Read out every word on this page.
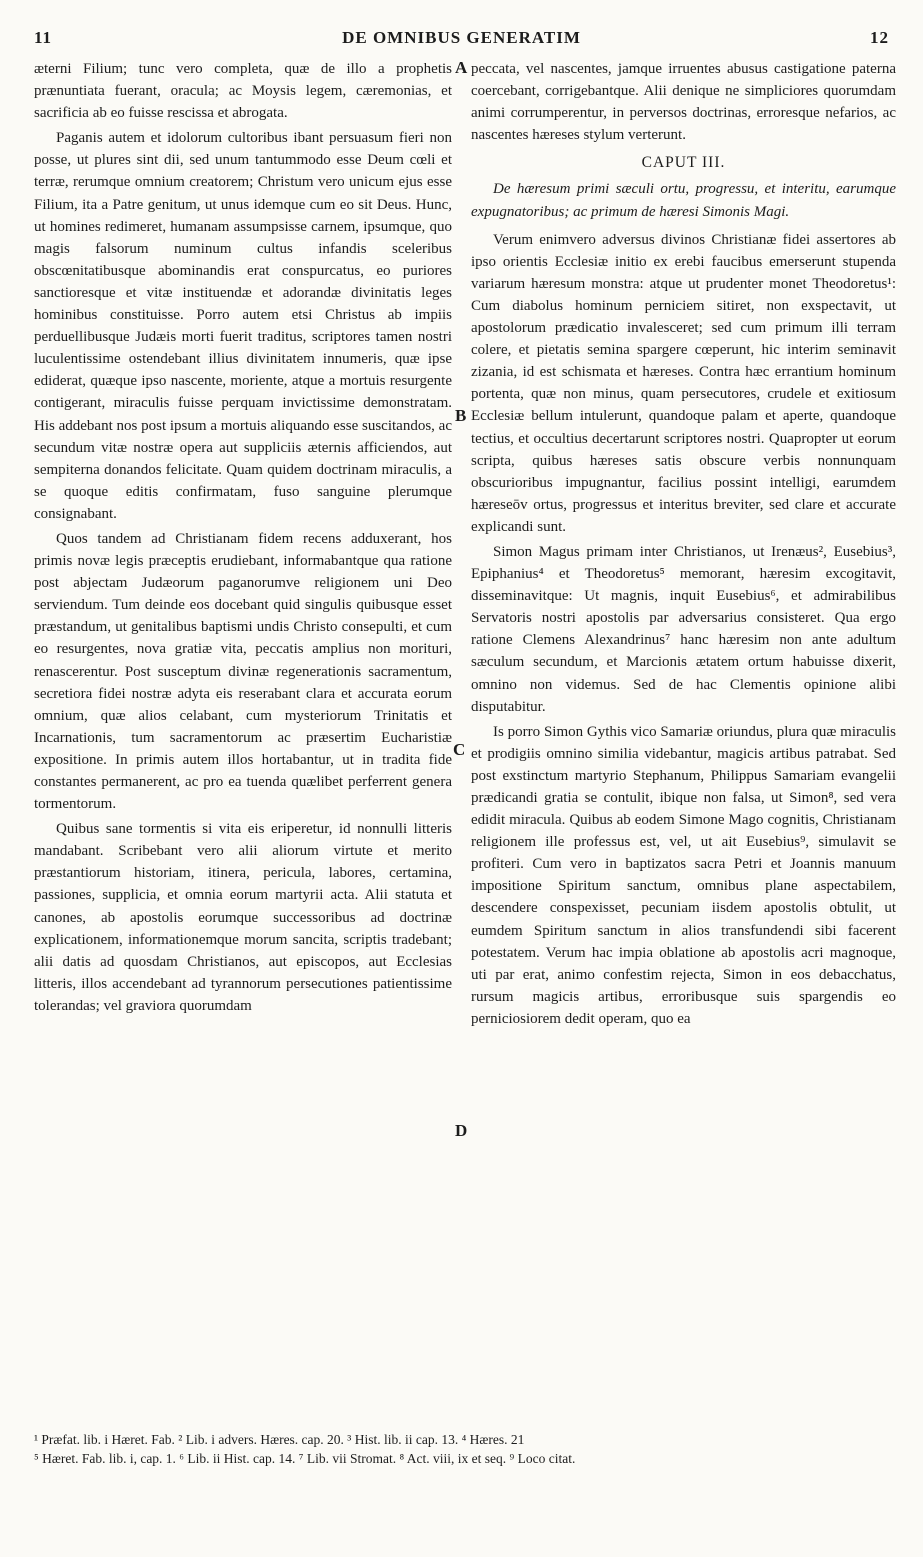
11	DE OMNIBUS GENERATIM	12

æterni Filium; tunc vero completa, quæ de illo a prophetis prænuntiata fuerant, oracula; ac Moysis legem, cæremonias, et sacrificia ab eo fuisse rescissa et abrogata.

Paganis autem et idolorum cultoribus ibant persuasum fieri non posse, ut plures sint dii, sed unum tantummodo esse Deum cœli et terræ, rerumque omnium creatorem; Christum vero unicum ejus esse Filium, ita a Patre genitum, ut unus idemque cum eo sit Deus. Hunc, ut homines redimeret, humanam assumpsisse carnem, ipsumque, quo magis falsorum numinum cultus infandis sceleribus obscœnitatibusque abominandis erat conspurcatus, eo puriores sanctioresque et vitæ instituendæ et adorandæ divinitatis leges hominibus constituisse. Porro autem etsi Christus ab impiis perduellibusque Judæis morti fuerit traditus, scriptores tamen nostri luculentissime ostendebant illius divinitatem innumeris, quæ ipse ediderat, quæque ipso nascente, moriente, atque a mortuis resurgente contigerant, miraculis fuisse perquam invictissime demonstratam. His addebant nos post ipsum a mortuis aliquando esse suscitandos, ac secundum vitæ nostræ opera aut suppliciis æternis afficiendos, aut sempiterna donandos felicitate. Quam quidem doctrinam miraculis, a se quoque editis confirmatam, fuso sanguine plerumque consignabant.

Quos tandem ad Christianam fidem recens adduxerant, hos primis novæ legis præceptis erudiebant, informabantque qua ratione post abjectam Judæorum paganorumve religionem uni Deo serviendum. Tum deinde eos docebant quid singulis quibusque esset præstandum, ut genitalibus baptismi undis Christo consepulti, et cum eo resurgentes, nova gratiæ vita, peccatis amplius non morituri, renascerentur. Post susceptum divinæ regenerationis sacramentum, secretiora fidei nostræ adyta eis reserabant clara et accurata eorum omnium, quæ alios celabant, cum mysteriorum Trinitatis et Incarnationis, tum sacramentorum ac præsertim Eucharistiæ expositione. In primis autem illos hortabantur, ut in tradita fide constantes permanerent, ac pro ea tuenda quælibet perferrent genera tormentorum.

Quibus sane tormentis si vita eis eriperetur, id nonnulli litteris mandabant. Scribebant vero alii aliorum virtute et merito præstantiorum historiam, itinera, pericula, labores, certamina, passiones, supplicia, et omnia eorum martyrii acta. Alii statuta et canones, ab apostolis eorumque successoribus ad doctrinæ explicationem, informationemque morum sancita, scriptis tradebant; alii datis ad quosdam Christianos, aut episcopos, aut Ecclesias litteris, illos accendebant ad tyrannorum persecutiones patientissime tolerandas; vel graviora quorumdam

peccata, vel nascentes, jamque irruentes abusus castigatione paterna coercebant, corrigebantque. Alii denique ne simpliciores quorumdam animi corrumperentur, in perversos doctrinas, erroresque nefarios, ac nascentes hæreses stylum verterunt.

CAPUT III.

De hæresum primi sæculi ortu, progressu, et interitu, earumque expugnatoribus; ac primum de hæresi Simonis Magi.

Verum enimvero adversus divinos Christianæ fidei assertores ab ipso orientis Ecclesiæ initio ex erebi faucibus emerserunt stupenda variarum hæresum monstra: atque ut prudenter monet Theodoretus¹: Cum diabolus hominum perniciem sitiret, non exspectavit, ut apostolorum prædicatio invalesceret; sed cum primum illi terram colere, et pietatis semina spargere cœperunt, hic interim seminavit zizania, id est schismata et hæreses. Contra hæc errantium hominum portenta, quæ non minus, quam persecutores, crudele et exitiosum Ecclesiæ bellum intulerunt, quandoque palam et aperte, quandoque tectius, et occultius decertarunt scriptores nostri. Quapropter ut eorum scripta, quibus hæreses satis obscure verbis nonnunquam obscurioribus impugnantur, facilius possint intelligi, earumdem hæreseōv ortus, progressus et interitus breviter, sed clare et accurate explicandi sunt.

Simon Magus primam inter Christianos, ut Irenæus², Eusebius³, Epiphanius⁴ et Theodoretus⁵ memorant, hæresim excogitavit, disseminavitque: Ut magnis, inquit Eusebius⁶, et admirabilibus Servatoris nostri apostolis par adversarius consisteret. Qua ergo ratione Clemens Alexandrinus⁷ hanc hæresim non ante adultum sæculum secundum, et Marcionis ætatem ortum habuisse dixerit, omnino non videmus. Sed de hac Clementis opinione alibi disputabitur.

Is porro Simon Gythis vico Samariæ oriundus, plura quæ miraculis et prodigiis omnino similia videbantur, magicis artibus patrabat. Sed post exstinctum martyrio Stephanum, Philippus Samariam evangelii prædicandi gratia se contulit, ibique non falsa, ut Simon⁸, sed vera edidit miracula. Quibus ab eodem Simone Mago cognitis, Christianam religionem ille professus est, vel, ut ait Eusebius⁹, simulavit se profiteri. Cum vero in baptizatos sacra Petri et Joannis manuum impositione Spiritum sanctum, omnibus plane aspectabilem, descendere conspexisset, pecuniam iisdem apostolis obtulit, ut eumdem Spiritum sanctum in alios transfundendi sibi facerent potestatem. Verum hac impia oblatione ab apostolis acri magnoque, uti par erat, animo confestim rejecta, Simon in eos debacchatus, rursum magicis artibus, erroribusque suis spargendis eo perniciosiorem dedit operam, quo ea

A
B
C
D
¹ Præfat. lib. i Hæret. Fab. ² Lib. i advers. Hæres. cap. 20. ³ Hist. lib. ii cap. 13. ⁴ Hæres. 21
⁵ Hæret. Fab. lib. i, cap. 1. ⁶ Lib. ii Hist. cap. 14. ⁷ Lib. vii Stromat. ⁸ Act. viii, ix et seq. ⁹ Loco citat.
